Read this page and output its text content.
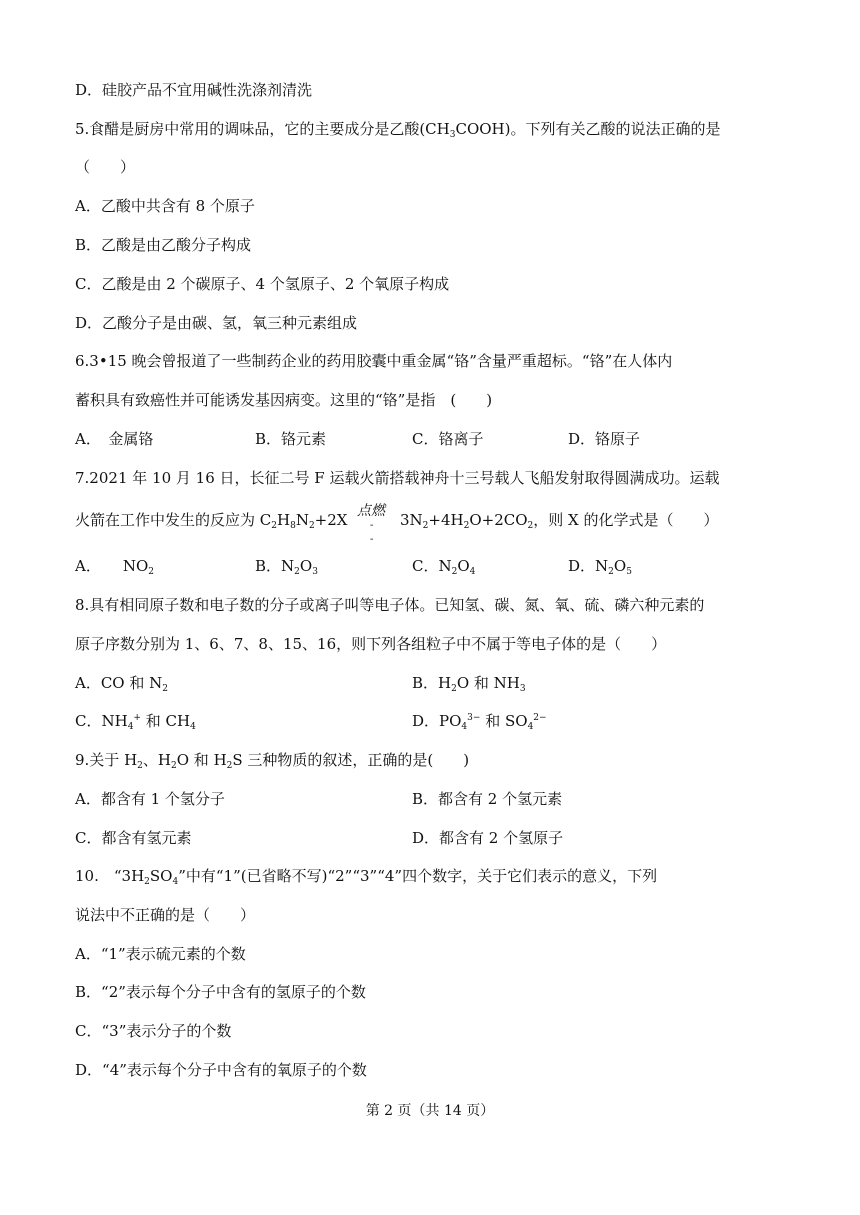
D．硅胶产品不宜用碱性洗涤剂清洗
5.食醋是厨房中常用的调味品，它的主要成分是乙酸$(CH_3COOH)$。下列有关乙酸的说法正确的是
（　　）
A．乙酸中共含有 8 个原子
B．乙酸是由乙酸分子构成
C．乙酸是由 2 个碳原子、4 个氢原子、2 个氧原子构成
D．乙酸分子是由碳、氢，氧三种元素组成
6.3•15 晚会曾报道了一些制药企业的药用胶囊中重金属“铬”含量严重超标。“铬”在人体内
蓄积具有致癌性并可能诱发基因病变。这里的“铬”是指　(　　)
A．　金属铬	B．铬元素	C．铬离子	D．铬原子
7.2021 年 10 月 16 日，长征二号 F 运载火箭搭载神舟十三号载人飞船发射取得圆满成功。运载
火箭在工作中发生的反应为 $C_2H_8N_2+2X$ 点燃
-
-
$3N_2+4H_2O+2CO_2$，则 X 的化学式是（　　）
A． $NO_2$	B．$N_2O_3$	C．$N_2O_4$	D．$N_2O_5$
8.具有相同原子数和电子数的分子或离子叫等电子体。已知氢、碳、氮、氧、硫、磷六种元素的
原子序数分别为 1、6、7、8、15、16，则下列各组粒子中不属于等电子体的是（　　）
A．CO 和 $N_2$	B．$H_2O$ 和 $NH_3$
C．$NH_4^+$ 和 $CH_4$	D．$PO_4^{3-}$ 和 $SO_4^{2-}$
9.关于 $H_2$、$H_2O$ 和 $H_2S$ 三种物质的叙述，正确的是(　　)
A．都含有 1 个氢分子	B．都含有 2 个氢元素
C．都含有氢元素	D．都含有 2 个氢原子
10.　“$3H_2SO_4$”中有“1”(已省略不写)“2”“3”“4”四个数字，关于它们表示的意义，下列
说法中不正确的是（　　）
A．“1”表示硫元素的个数
B．“2”表示每个分子中含有的氢原子的个数
C．“3”表示分子的个数
D．“4”表示每个分子中含有的氧原子的个数
第 2 页（共 14 页）
